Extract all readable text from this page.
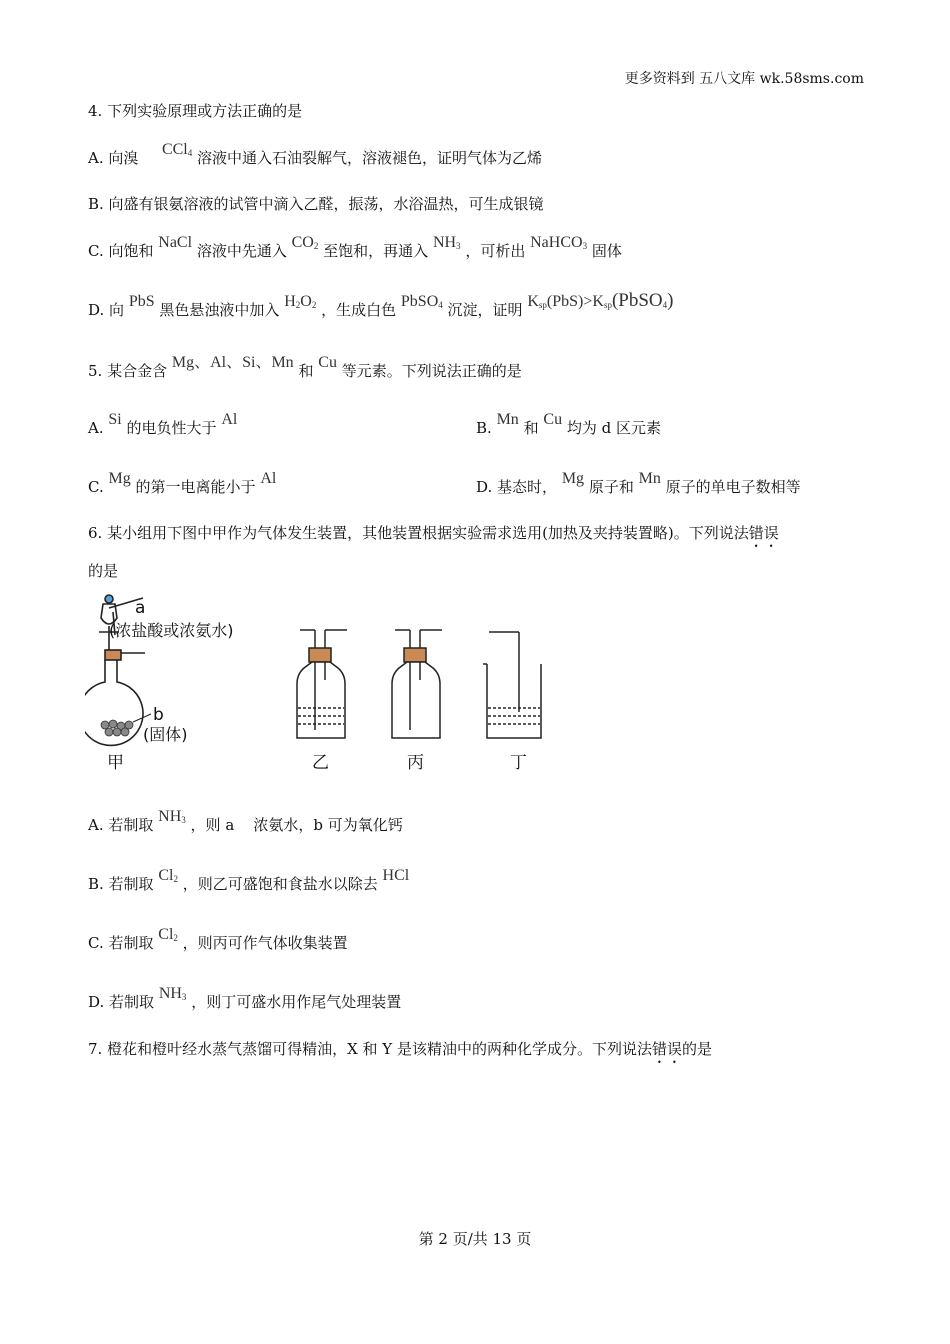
更多资料到 五八文库 wk.58sms.com
4. 下列实验原理或方法正确的是
A. 向溴 CCl$_4$ 溶液中通入石油裂解气，溶液褪色，证明气体为乙烯
B. 向盛有银氨溶液的试管中滴入乙醛，振荡，水浴温热，可生成银镜
C. 向饱和 NaCl 溶液中先通入 $CO_2$ 至饱和，再通入 $NH_3$ ，可析出 NaHCO$_3$ 固体
D. 向 PbS 黑色悬浊液中加入 $H_2O_2$ ，生成白色 PbSO$_4$ 沉淀，证明 $K_{sp}(PbS)>K_{sp}(PbSO_4)$
5. 某合金含 Mg、Al、Si、Mn 和 Cu 等元素。下列说法正确的是
A. Si 的电负性大于 Al	B. Mn 和 Cu 均为 d 区元素
C. Mg 的第一电离能小于 Al	D. 基态时， Mg 原子和 Mn 原子的单电子数相等
6. 某小组用下图中甲作为气体发生装置，其他装置根据实验需求选用(加热及夹持装置略)。下列说法错误
的是
a
(浓盐酸或浓氨水)
b
(固体)
甲	乙	丙	丁
A. 若制取 $NH_3$ ，则 a    浓氨水，b 可为氧化钙
B. 若制取 $Cl_2$ ，则乙可盛饱和食盐水以除去 HCl
C. 若制取 $Cl_2$ ，则丙可作气体收集装置
D. 若制取 $NH_3$ ，则丁可盛水用作尾气处理装置
7. 橙花和橙叶经水蒸气蒸馏可得精油，X 和 Y 是该精油中的两种化学成分。下列说法错误的是
第 2 页/共 13 页
